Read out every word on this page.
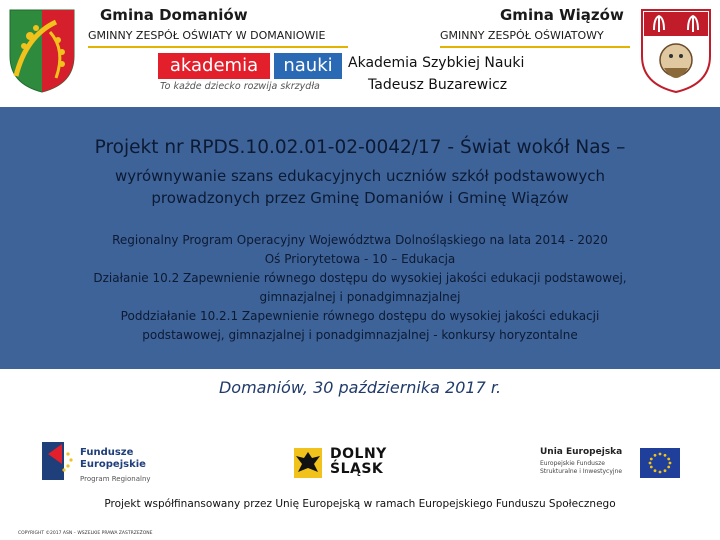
Gmina Domaniów
GMINNY ZESPÓŁ OŚWIATY W DOMANIOWIE
Gmina Wiązów
GMINNY ZESPÓŁ OŚWIATOWY
akademia	nauki
To każde dziecko rozwija skrzydła
Akademia Szybkiej Nauki
Tadeusz Buzarewicz
Projekt nr RPDS.10.02.01-02-0042/17 - Świat wokół Nas –
wyrównywanie szans edukacyjnych uczniów szkół podstawowych
prowadzonych przez Gminę Domaniów i Gminę Wiązów
Regionalny Program Operacyjny Województwa Dolnośląskiego na lata 2014 - 2020
Oś Priorytetowa - 10 – Edukacja
Działanie 10.2 Zapewnienie równego dostępu do wysokiej jakości edukacji podstawowej,
gimnazjalnej i ponadgimnazjalnej
Poddziałanie 10.2.1 Zapewnienie równego dostępu do wysokiej jakości edukacji
podstawowej, gimnazjalnej i ponadgimnazjalnej - konkursy horyzontalne
Domaniów, 30 października 2017 r.
Fundusze
Europejskie
Program Regionalny
DOLNY
ŚLĄSK
Unia Europejska
Europejskie Fundusze
Strukturalne i Inwestycyjne
Projekt współfinansowany przez Unię Europejską w ramach Europejskiego Funduszu Społecznego
COPYRIGHT ©2017 ASN – WSZELKIE PRAWA ZASTRZEŻONE
